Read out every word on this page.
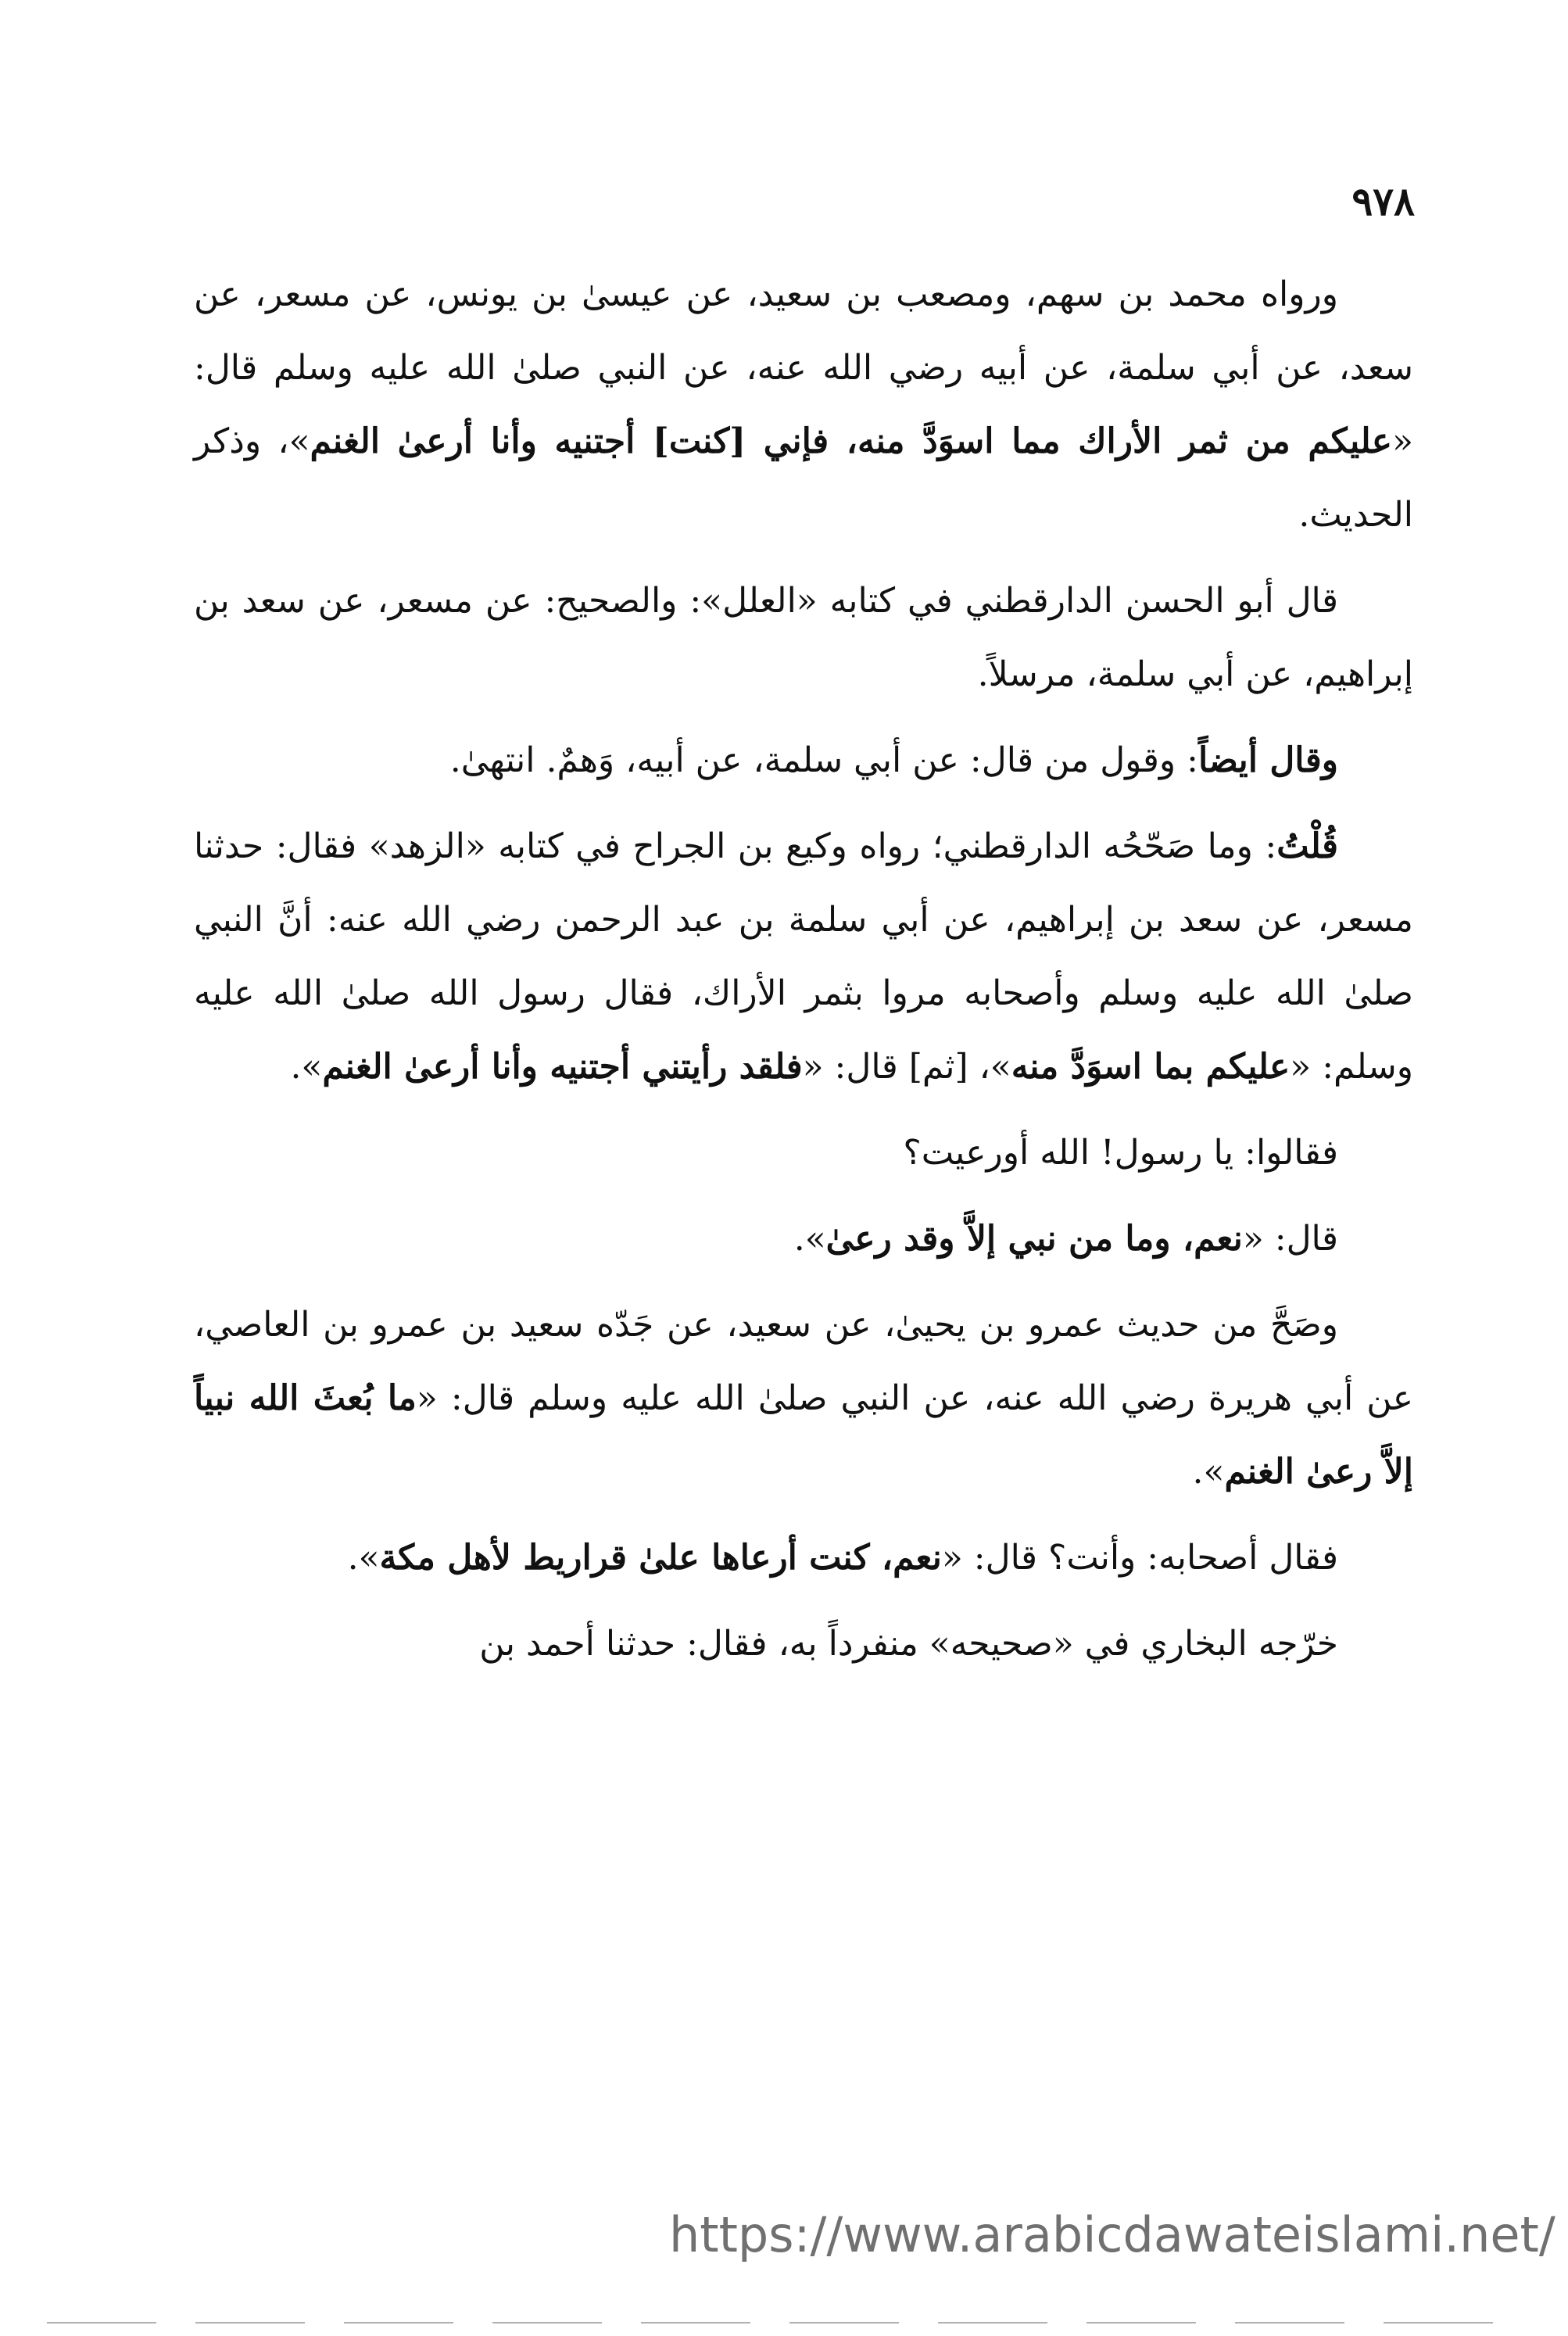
٩٧٨

ورواه محمد بن سهم، ومصعب بن سعيد، عن عيسىٰ بن يونس، عن مسعر، عن سعد، عن أبي سلمة، عن أبيه رضي الله عنه، عن النبي صلىٰ الله عليه وسلم قال: «عليكم من ثمر الأراك مما اسوَدَّ منه، فإني [كنت] أجتنيه وأنا أرعىٰ الغنم»، وذكر الحديث.

قال أبو الحسن الدارقطني في كتابه «العلل»: والصحيح: عن مسعر، عن سعد بن إبراهيم، عن أبي سلمة، مرسلاً.

وقال أيضاً: وقول من قال: عن أبي سلمة، عن أبيه، وَهمٌ. انتهىٰ.

قُلْتُ: وما صَحّحُه الدارقطني؛ رواه وكيع بن الجراح في كتابه «الزهد» فقال: حدثنا مسعر، عن سعد بن إبراهيم، عن أبي سلمة بن عبد الرحمن رضي الله عنه: أنَّ النبي صلىٰ الله عليه وسلم وأصحابه مروا بثمر الأراك، فقال رسول الله صلىٰ الله عليه وسلم: «عليكم بما اسوَدَّ منه»، [ثم] قال: «فلقد رأيتني أجتنيه وأنا أرعىٰ الغنم».

فقالوا: يا رسول! الله أورعيت؟

قال: «نعم، وما من نبي إلاَّ وقد رعىٰ».

وصَحَّ من حديث عمرو بن يحيىٰ، عن سعيد، عن جَدّه سعيد بن عمرو بن العاصي، عن أبي هريرة رضي الله عنه، عن النبي صلىٰ الله عليه وسلم قال: «ما بُعثَ الله نبياً إلاَّ رعىٰ الغنم».

فقال أصحابه: وأنت؟ قال: «نعم، كنت أرعاها علىٰ قراريط لأهل مكة».

خرّجه البخاري في «صحيحه» منفرداً به، فقال: حدثنا أحمد بن

https://www.arabicdawateislami.net/
